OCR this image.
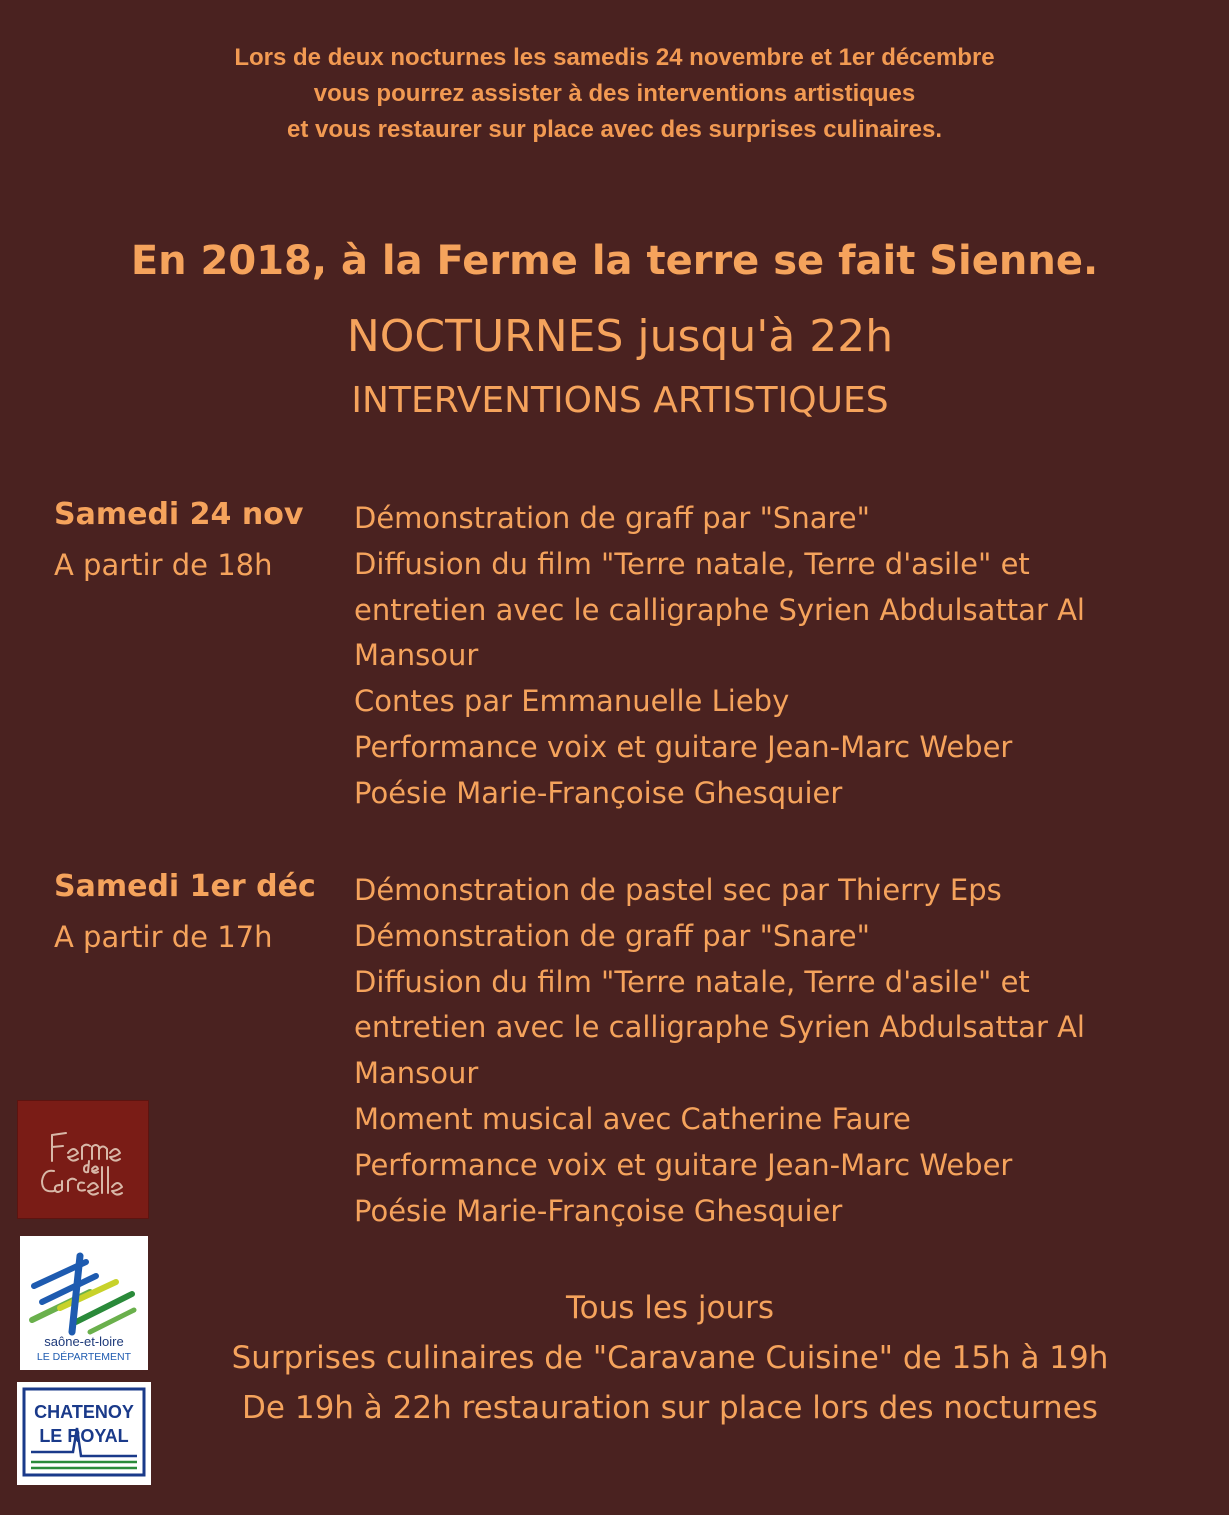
Lors de deux nocturnes les samedis 24 novembre et 1er décembre
vous pourrez assister à des interventions artistiques
et vous restaurer sur place avec des surprises culinaires.
En 2018, à la Ferme la terre se fait Sienne.
NOCTURNES jusqu'à 22h
INTERVENTIONS ARTISTIQUES
Samedi 24 nov
A partir de 18h
Démonstration de graff par "Snare"
Diffusion du film "Terre natale, Terre d'asile" et
entretien avec le calligraphe Syrien Abdulsattar Al
Mansour
Contes par Emmanuelle Lieby
Performance voix et guitare Jean-Marc Weber
Poésie Marie-Françoise Ghesquier
Samedi 1er déc
A partir de 17h
Démonstration de pastel sec par Thierry Eps
Démonstration de graff par "Snare"
Diffusion du film "Terre natale, Terre d'asile" et
entretien avec le calligraphe Syrien Abdulsattar Al
Mansour
Moment musical avec Catherine Faure
Performance voix et guitare Jean-Marc Weber
Poésie Marie-Françoise Ghesquier
saône-et-loire
LE DÉPARTEMENT
CHATENOY
LE ROYAL
Tous les jours
Surprises culinaires de "Caravane Cuisine" de 15h à 19h
De 19h à 22h restauration sur place lors des nocturnes
